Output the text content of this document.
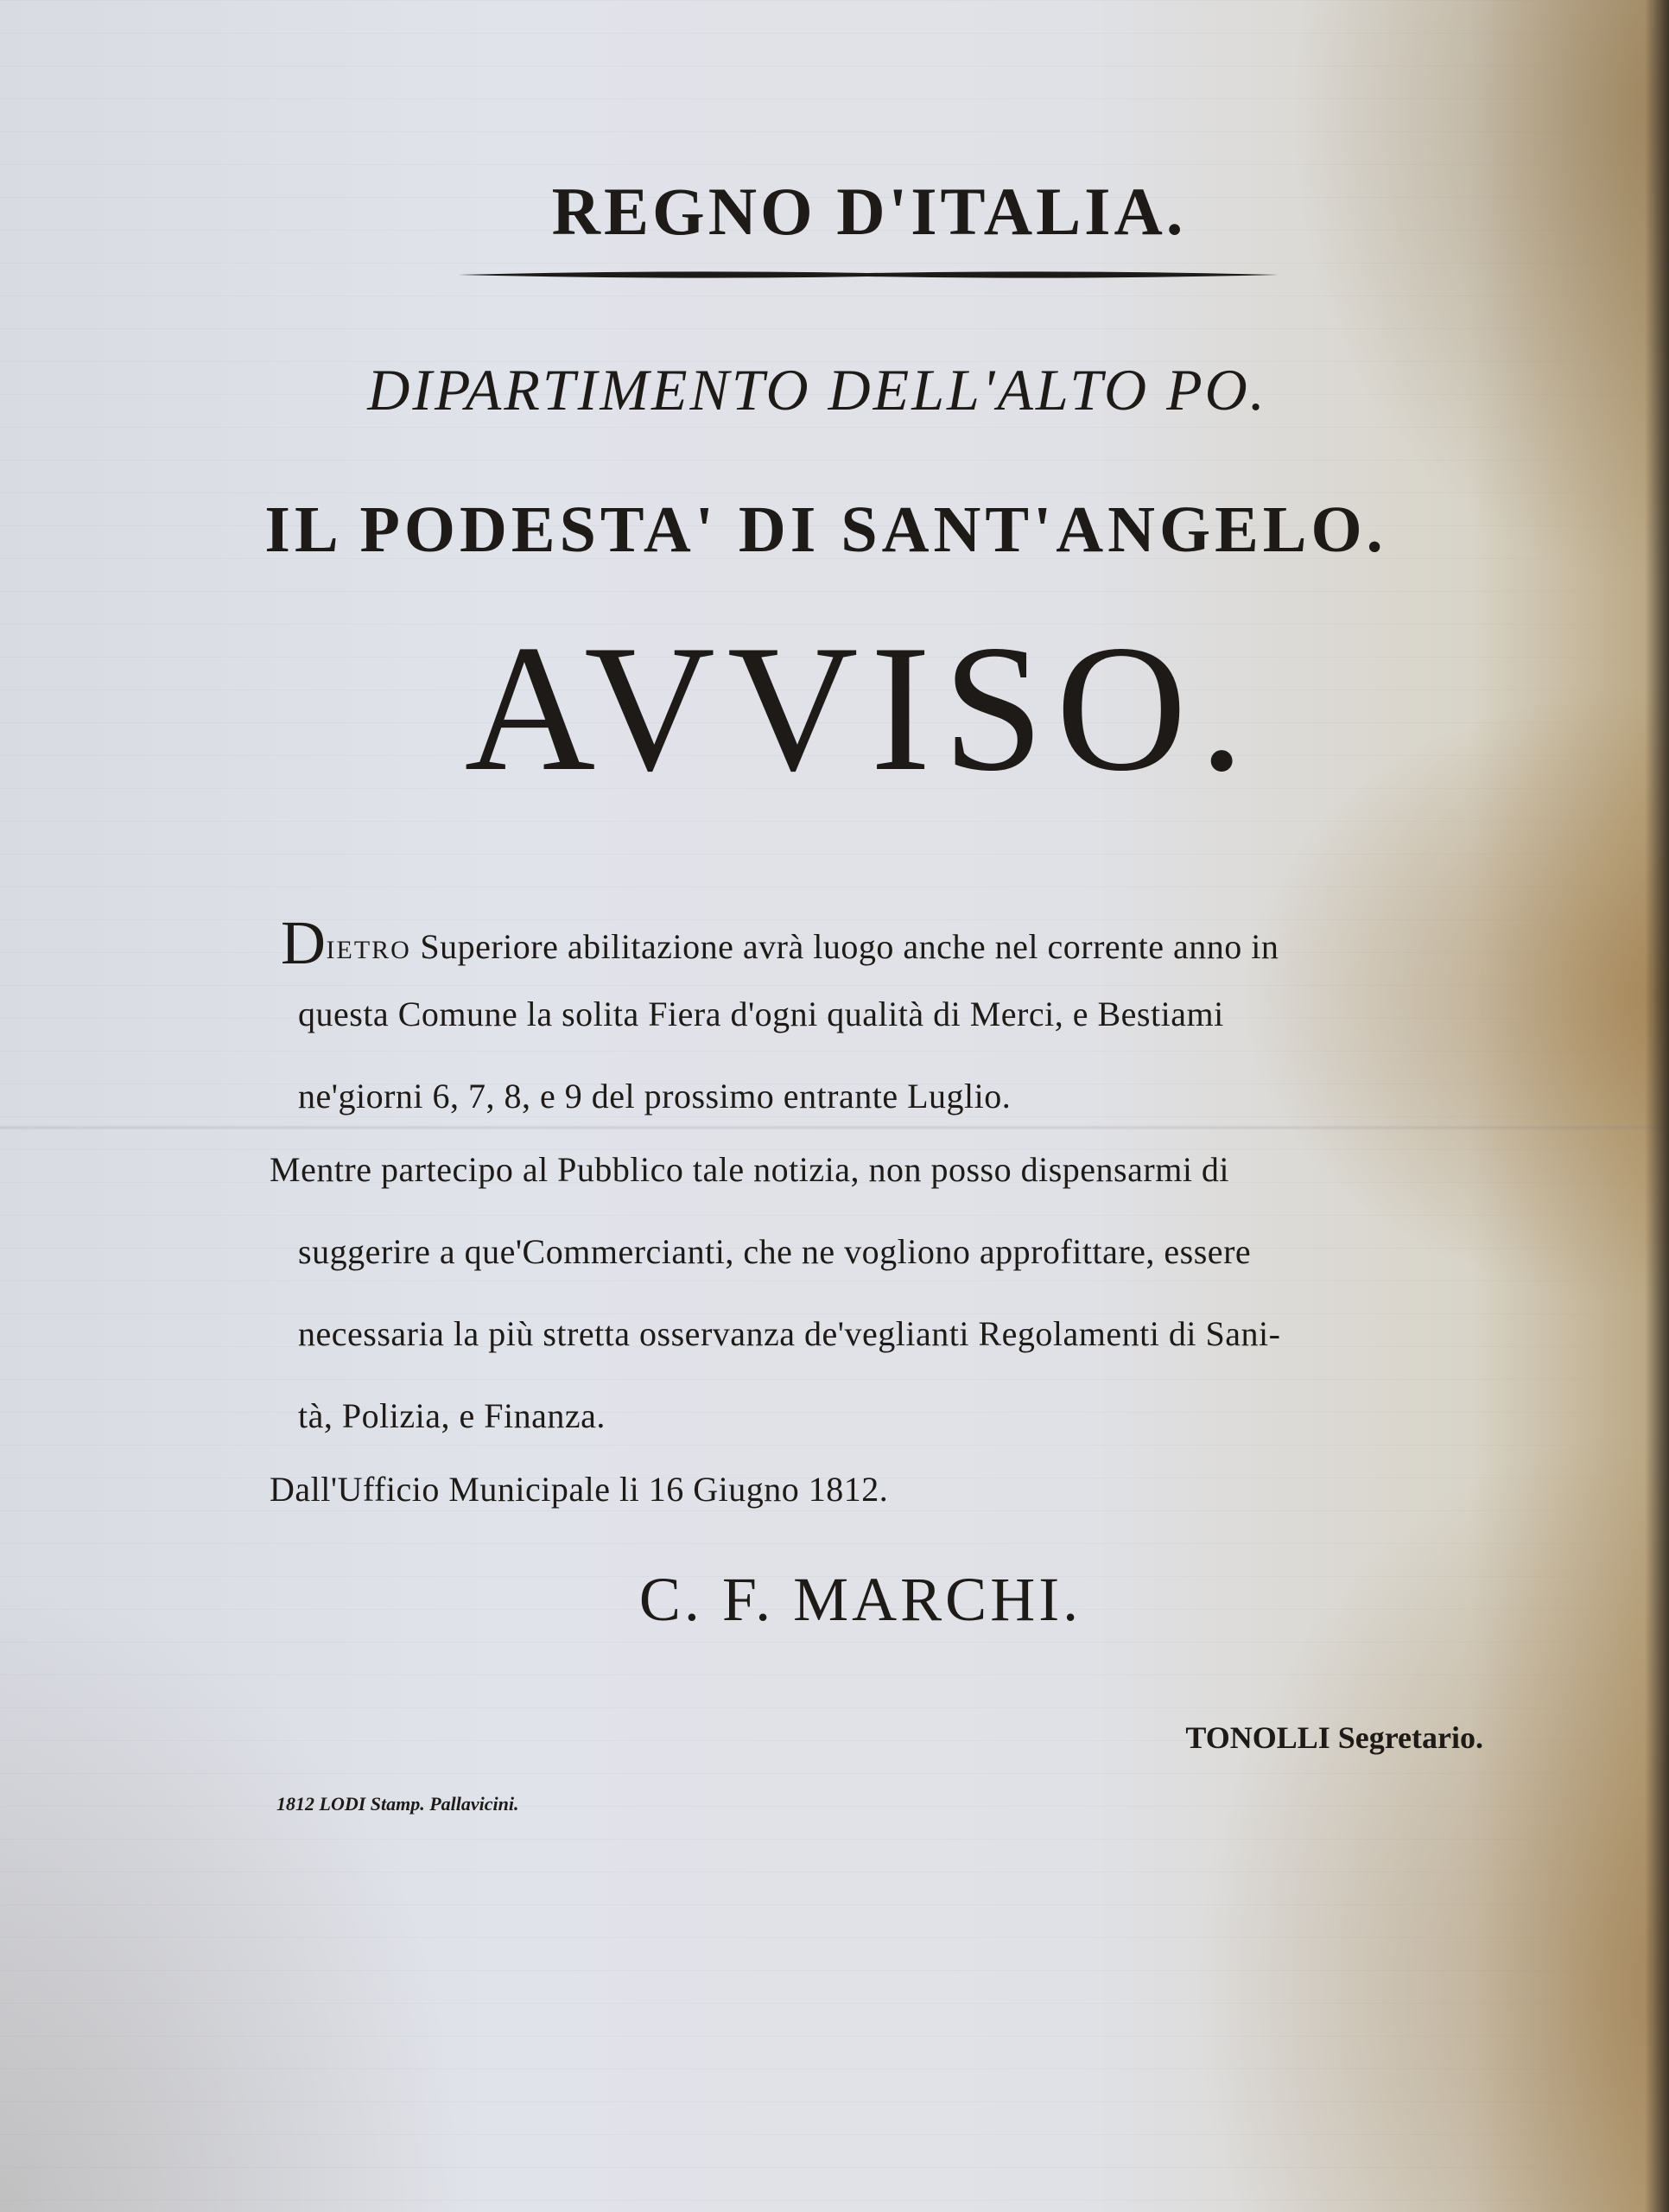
REGNO D'ITALIA.
DIPARTIMENTO DELL'ALTO PO.
IL PODESTA' DI SANT'ANGELO.
AVVISO.
DIETRO Superiore abilitazione avrà luogo anche nel corrente anno in
questa Comune la solita Fiera d'ogni qualità di Merci, e Bestiami
ne'giorni 6, 7, 8, e 9 del prossimo entrante Luglio.
Mentre partecipo al Pubblico tale notizia, non posso dispensarmi di
suggerire a que'Commercianti, che ne vogliono approfittare, essere
necessaria la più stretta osservanza de'veglianti Regolamenti di Sani-
tà, Polizia, e Finanza.
Dall'Ufficio Municipale li 16 Giugno 1812.
C. F. MARCHI.
TONOLLI Segretario.
1812 LODI Stamp. Pallavicini.
